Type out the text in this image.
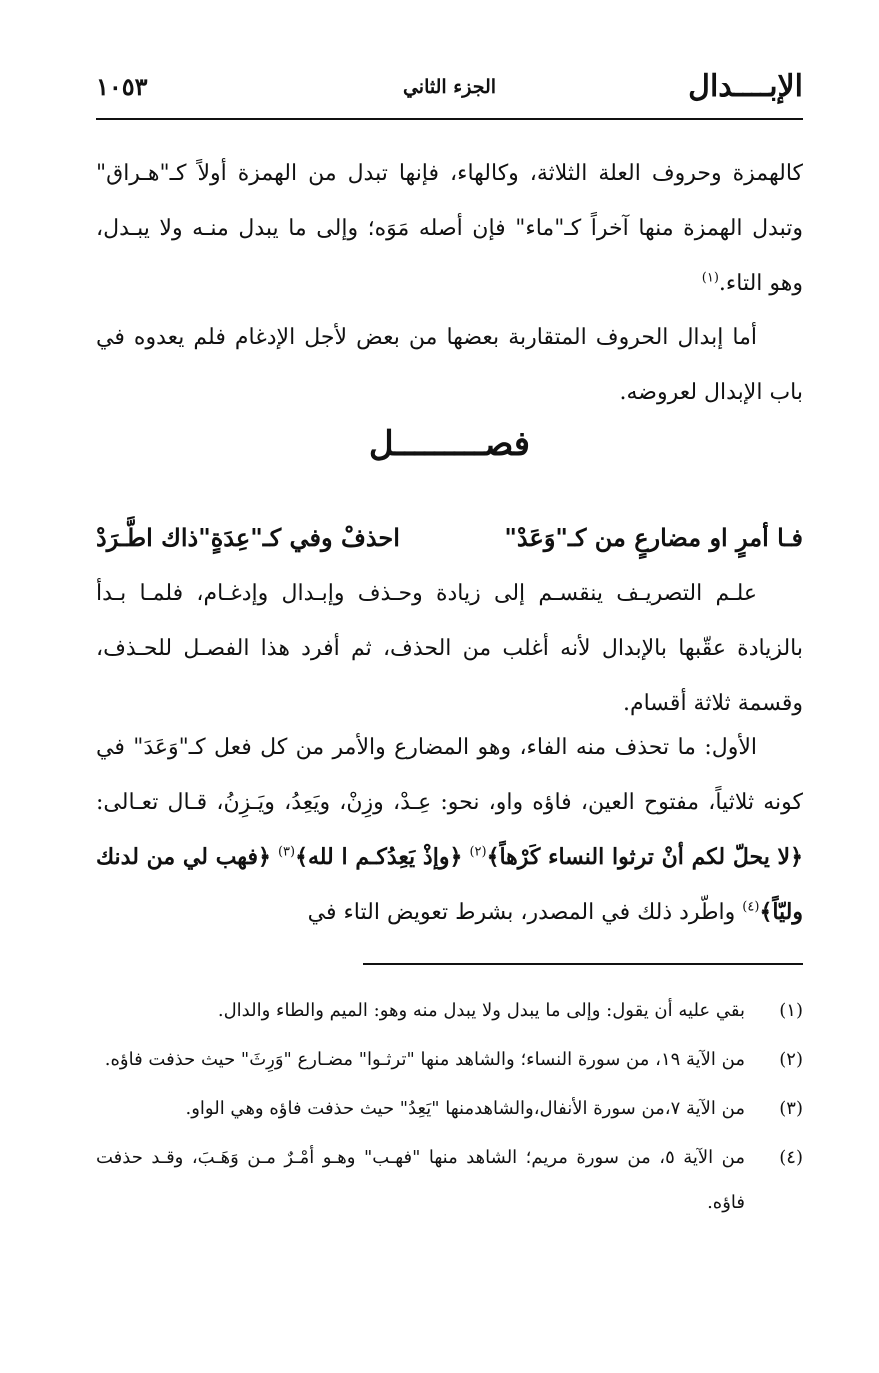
الإبــــدال
الجزء الثاني
١٠٥٣

كالهمزة وحروف العلة الثلاثة، وكالهاء، فإنها تبدل من الهمزة أولاً كـ"هـراق" وتبدل الهمزة منها آخراً كـ"ماء" فإن أصله مَوَه؛ وإلى ما يبدل منـه ولا يبـدل، وهو التاء.$^{(١)}$

أما إبدال الحروف المتقاربة بعضها من بعض لأجل الإدغام فلم يعدوه في باب الإبدال لعروضه.

فصـــــــــل
فـا أمرٍ او مضارعٍ من كـ"وَعَدْ"
احذفْ وفي كـ"عِدَةٍ"ذاك اطَّـرَدْ

علـم التصريـف ينقسـم إلى زيادة وحـذف وإبـدال وإدغـام، فلمـا بـدأ بالزيادة عقّبها بالإبدال لأنه أغلب من الحذف، ثم أفرد هذا الفصـل للحـذف، وقسمة ثلاثة أقسام.

الأول: ما تحذف منه الفاء، وهو المضارع والأمر من كل فعل كـ"وَعَدَ" في كونه ثلاثياً، مفتوح العين، فاؤه واو، نحو: عِـدْ، وزِنْ، ويَعِدُ، ويَـزِنُ، قـال تعـالى: ﴿لا يحلّ لكم أنْ ترثوا النساء كَرْهاً﴾$^{(٢)}$ ﴿وإذْ يَعِدُكـم ا لله﴾$^{(٣)}$ ﴿فهب لي من لدنك وليّاً﴾$^{(٤)}$ واطّرد ذلك في المصدر، بشرط تعويض التاء في

(١)
بقي عليه أن يقول: وإلى ما يبدل ولا يبدل منه وهو: الميم والطاء والدال.
(٢)
من الآية ١٩، من سورة النساء؛ والشاهد منها "ترثـوا" مضـارع "وَرِثَ" حيث حذفت فاؤه.
(٣)
من الآية ٧،من سورة الأنفال،والشاهدمنها "يَعِدُ" حيث حذفت فاؤه وهي الواو.
(٤)
من الآية ٥، من سورة مريم؛ الشاهد منها "فهـب" وهـو أمْـرٌ مـن وَهَـبَ، وقـد حذفت فاؤه.
